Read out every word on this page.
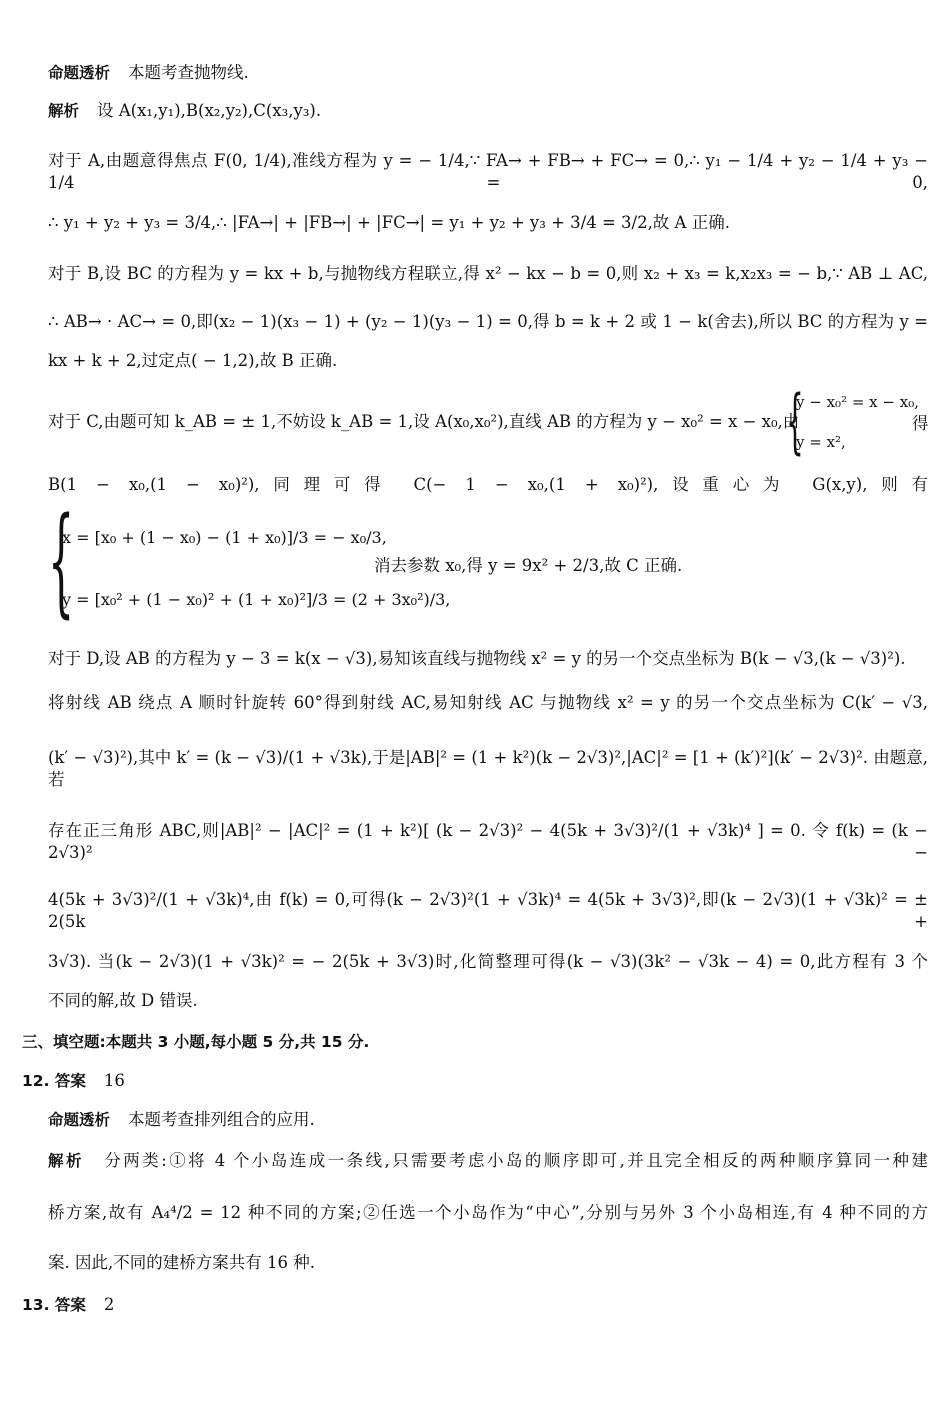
命题透析 本题考查抛物线.
解析 设 A(x₁,y₁),B(x₂,y₂),C(x₃,y₃).
对于 A,由题意得焦点 F(0, 1/4),准线方程为 y = − 1/4,∵ FA→ + FB→ + FC→ = 0,∴ y₁ − 1/4 + y₂ − 1/4 + y₃ − 1/4 = 0,
∴ y₁ + y₂ + y₃ = 3/4,∴ |FA→| + |FB→| + |FC→| = y₁ + y₂ + y₃ + 3/4 = 3/2,故 A 正确.
对于 B,设 BC 的方程为 y = kx + b,与抛物线方程联立,得 x² − kx − b = 0,则 x₂ + x₃ = k,x₂x₃ = − b,∵ AB ⊥ AC,
∴ AB→ · AC→ = 0,即(x₂ − 1)(x₃ − 1) + (y₂ − 1)(y₃ − 1) = 0,得 b = k + 2 或 1 − k(舍去),所以 BC 的方程为 y =
kx + k + 2,过定点( − 1,2),故 B 正确.
对于 C,由题可知 k_AB = ± 1,不妨设 k_AB = 1,设 A(x₀,x₀²),直线 AB 的方程为 y − x₀² = x − x₀,由
{
y − x₀² = x − x₀,
y = x²,
得
B(1 − x₀,(1 − x₀)²),同理可得 C(− 1 − x₀,(1 + x₀)²),设重心为 G(x,y),则有
{
x = [x₀ + (1 − x₀) − (1 + x₀)]/3 = − x₀/3,
y = [x₀² + (1 − x₀)² + (1 + x₀)²]/3 = (2 + 3x₀²)/3,
消去参数 x₀,得 y = 9x² + 2/3,故 C 正确.
对于 D,设 AB 的方程为 y − 3 = k(x − √3),易知该直线与抛物线 x² = y 的另一个交点坐标为 B(k − √3,(k − √3)²).
将射线 AB 绕点 A 顺时针旋转 60°得到射线 AC,易知射线 AC 与抛物线 x² = y 的另一个交点坐标为 C(k′ − √3,
(k′ − √3)²),其中 k′ = (k − √3)/(1 + √3k),于是|AB|² = (1 + k²)(k − 2√3)²,|AC|² = [1 + (k′)²](k′ − 2√3)². 由题意,若
存在正三角形 ABC,则|AB|² − |AC|² = (1 + k²)[ (k − 2√3)² − 4(5k + 3√3)²/(1 + √3k)⁴ ] = 0. 令 f(k) = (k − 2√3)² −
4(5k + 3√3)²/(1 + √3k)⁴,由 f(k) = 0,可得(k − 2√3)²(1 + √3k)⁴ = 4(5k + 3√3)²,即(k − 2√3)(1 + √3k)² = ± 2(5k +
3√3). 当(k − 2√3)(1 + √3k)² = − 2(5k + 3√3)时,化简整理可得(k − √3)(3k² − √3k − 4) = 0,此方程有 3 个
不同的解,故 D 错误.
三、填空题:本题共 3 小题,每小题 5 分,共 15 分.
12. 答案 16
命题透析 本题考查排列组合的应用.
解析 分两类:①将 4 个小岛连成一条线,只需要考虑小岛的顺序即可,并且完全相反的两种顺序算同一种建
桥方案,故有 A₄⁴/2 = 12 种不同的方案;②任选一个小岛作为“中心”,分别与另外 3 个小岛相连,有 4 种不同的方
案. 因此,不同的建桥方案共有 16 种.
13. 答案 2
